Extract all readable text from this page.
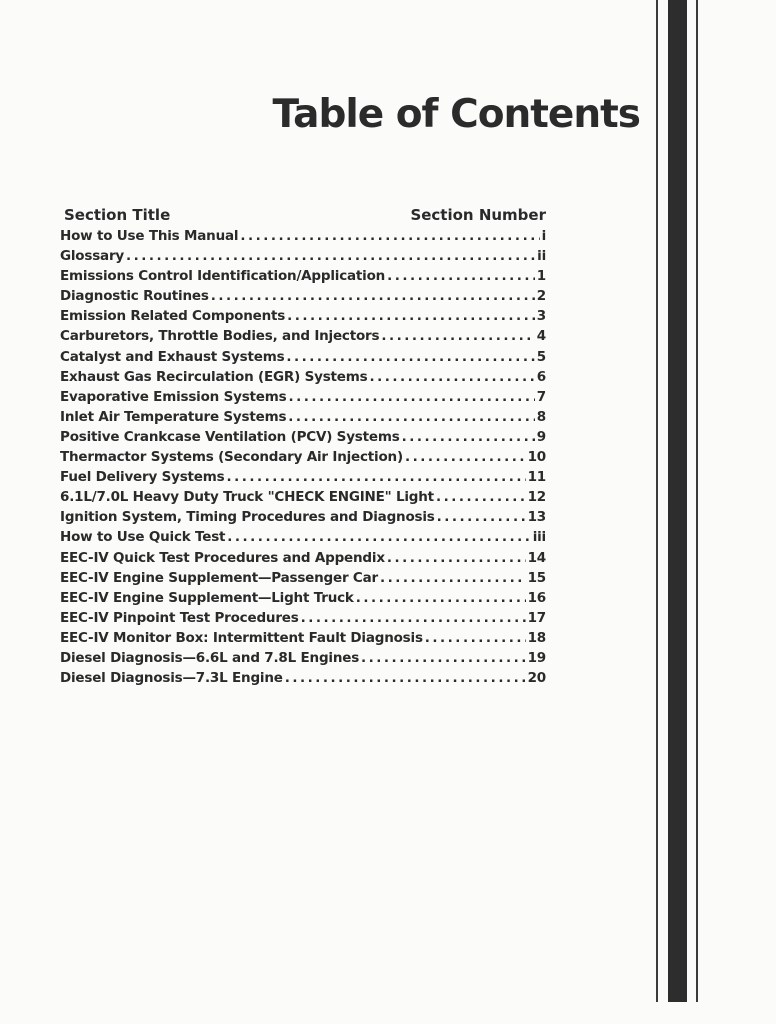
Table of Contents
Section Title	Section Number
How to Use This Manual .....	i
Glossary .....	ii
Emissions Control Identification/Application .....	1
Diagnostic Routines .....	2
Emission Related Components .....	3
Carburetors, Throttle Bodies, and Injectors .....	4
Catalyst and Exhaust Systems .....	5
Exhaust Gas Recirculation (EGR) Systems .....	6
Evaporative Emission Systems .....	7
Inlet Air Temperature Systems .....	8
Positive Crankcase Ventilation (PCV) Systems .....	9
Thermactor Systems (Secondary Air Injection) .....	10
Fuel Delivery Systems .....	11
6.1L/7.0L Heavy Duty Truck "CHECK ENGINE" Light .....	12
Ignition System, Timing Procedures and Diagnosis .....	13
How to Use Quick Test .....	iii
EEC-IV Quick Test Procedures and Appendix .....	14
EEC-IV Engine Supplement—Passenger Car .....	15
EEC-IV Engine Supplement—Light Truck .....	16
EEC-IV Pinpoint Test Procedures .....	17
EEC-IV Monitor Box: Intermittent Fault Diagnosis .....	18
Diesel Diagnosis—6.6L and 7.8L Engines .....	19
Diesel Diagnosis—7.3L Engine .....	20
